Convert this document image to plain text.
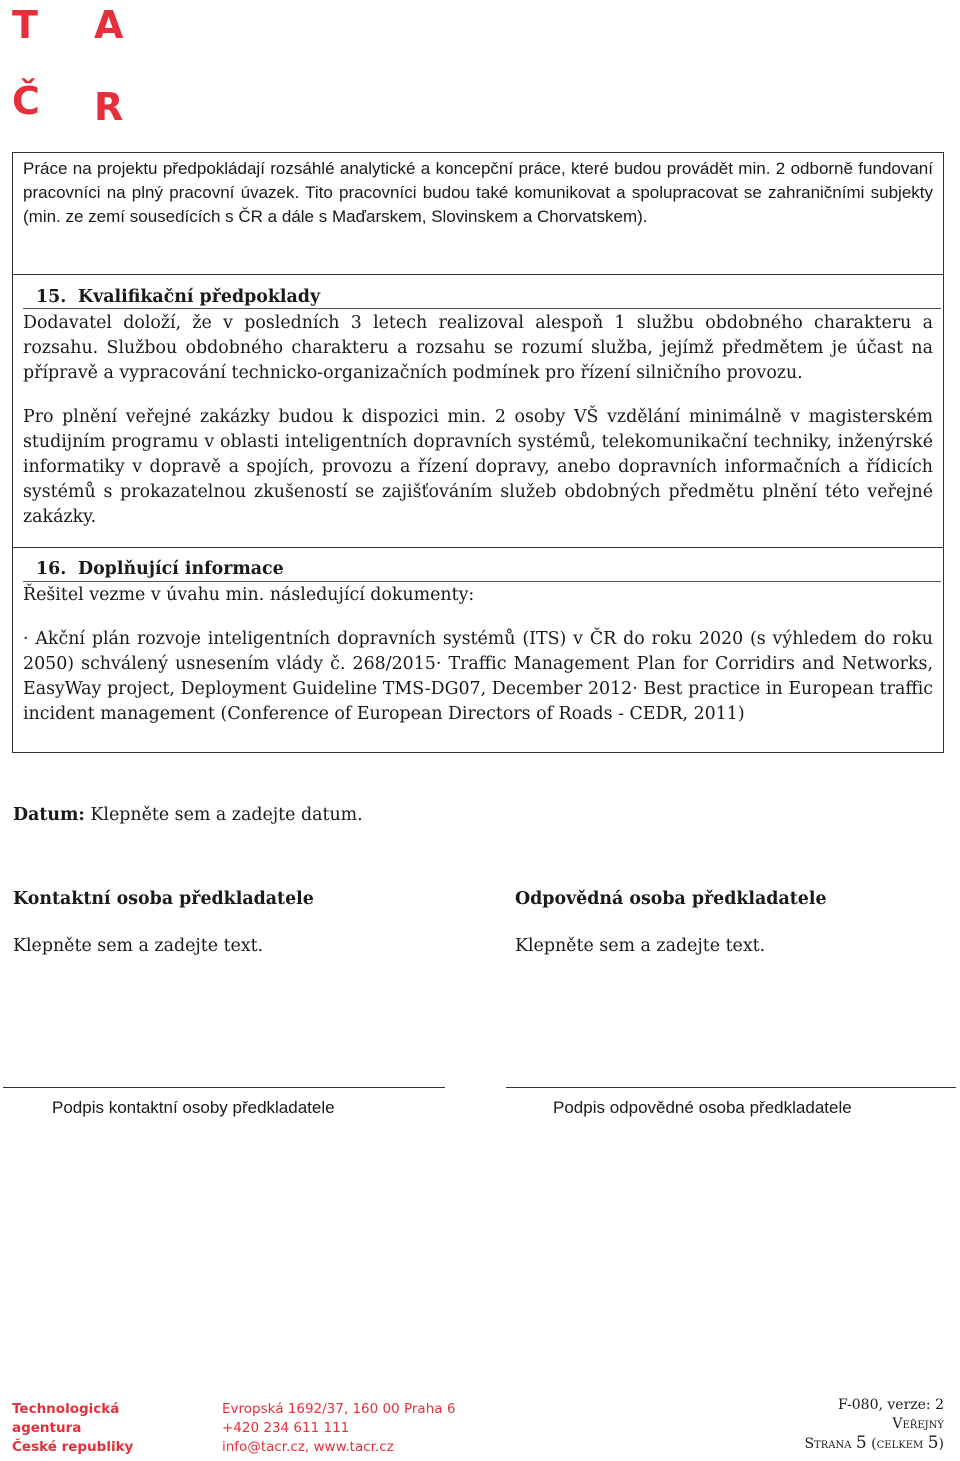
T A
Č R
Práce na projektu předpokládají rozsáhlé analytické a koncepční práce, které budou provádět min. 2 odborně fundovaní pracovníci na plný pracovní úvazek. Tito pracovníci budou také komunikovat a spolupracovat se zahraničními subjekty (min. ze zemí sousedících s ČR a dále s Maďarskem, Slovinskem a Chorvatskem).
15. Kvalifikační předpoklady
Dodavatel doloží, že v posledních 3 letech realizoval alespoň 1 službu obdobného charakteru a rozsahu. Službou obdobného charakteru a rozsahu se rozumí služba, jejímž předmětem je účast na přípravě a vypracování technicko-organizačních podmínek pro řízení silničního provozu.
Pro plnění veřejné zakázky budou k dispozici min. 2 osoby VŠ vzdělání minimálně v magisterském studijním programu v oblasti inteligentních dopravních systémů, telekomunikační techniky, inženýrské informatiky v dopravě a spojích, provozu a řízení dopravy, anebo dopravních informačních a řídicích systémů s prokazatelnou zkušeností se zajišťováním služeb obdobných předmětu plnění této veřejné zakázky.
16. Doplňující informace
Řešitel vezme v úvahu min. následující dokumenty:
· Akční plán rozvoje inteligentních dopravních systémů (ITS) v ČR do roku 2020 (s výhledem do roku 2050) schválený usnesením vlády č. 268/2015· Traffic Management Plan for Corridirs and Networks, EasyWay project, Deployment Guideline TMS-DG07, December 2012· Best practice in European traffic incident management (Conference of European Directors of Roads - CEDR, 2011)
Datum: Klepněte sem a zadejte datum.
Kontaktní osoba předkladatele
Klepněte sem a zadejte text.
Odpovědná osoba předkladatele
Klepněte sem a zadejte text.
Podpis kontaktní osoby předkladatele	Podpis odpovědné osoba předkladatele
Technologická
agentura
České republiky
Evropská 1692/37, 160 00 Praha 6
+420 234 611 111
info@tacr.cz, www.tacr.cz
F-080, verze: 2
Veřejný
Strana 5 (celkem 5)
